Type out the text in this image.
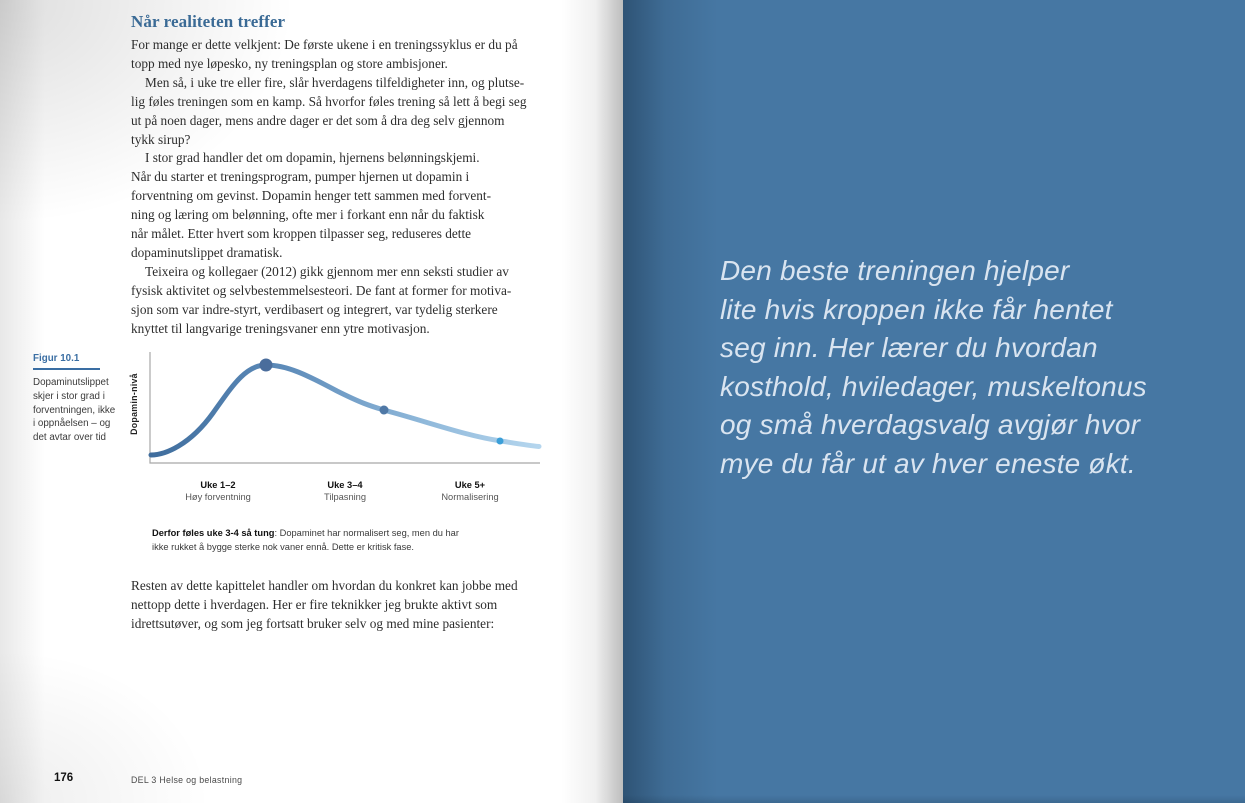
Når realiteten treffer
For mange er dette velkjent: De første ukene i en treningssyklus er du på
topp med nye løpesko, ny treningsplan og store ambisjoner.
Men så, i uke tre eller fire, slår hverdagens tilfeldigheter inn, og plutse-
lig føles treningen som en kamp. Så hvorfor føles trening så lett å begi seg
ut på noen dager, mens andre dager er det som å dra deg selv gjennom
tykk sirup?
I stor grad handler det om dopamin, hjernens belønningskjemi.
Når du starter et treningsprogram, pumper hjernen ut dopamin i
forventning om gevinst. Dopamin henger tett sammen med forvent-
ning og læring om belønning, ofte mer i forkant enn når du faktisk
når målet. Etter hvert som kroppen tilpasser seg, reduseres dette
dopaminutslippet dramatisk.
Teixeira og kollegaer (2012) gikk gjennom mer enn seksti studier av
fysisk aktivitet og selvbestemmelsesteori. De fant at former for motiva-
sjon som var indre-styrt, verdibasert og integrert, var tydelig sterkere
knyttet til langvarige treningsvaner enn ytre motivasjon.
Figur 10.1
Dopaminutslippet
skjer i stor grad i
forventningen, ikke
i oppnåelsen – og
det avtar over tid
Dopamin-nivå
Uke 1–2
Høy forventning
Uke 3–4
Tilpasning
Uke 5+
Normalisering
Derfor føles uke 3-4 så tung: Dopaminet har normalisert seg, men du har
ikke rukket å bygge sterke nok vaner ennå. Dette er kritisk fase.
Resten av dette kapittelet handler om hvordan du konkret kan jobbe med
nettopp dette i hverdagen. Her er fire teknikker jeg brukte aktivt som
idrettsutøver, og som jeg fortsatt bruker selv og med mine pasienter:
176	DEL 3 Helse og belastning
Den beste treningen hjelper
lite hvis kroppen ikke får hentet
seg inn. Her lærer du hvordan
kosthold, hviledager, muskeltonus
og små hverdagsvalg avgjør hvor
mye du får ut av hver eneste økt.
